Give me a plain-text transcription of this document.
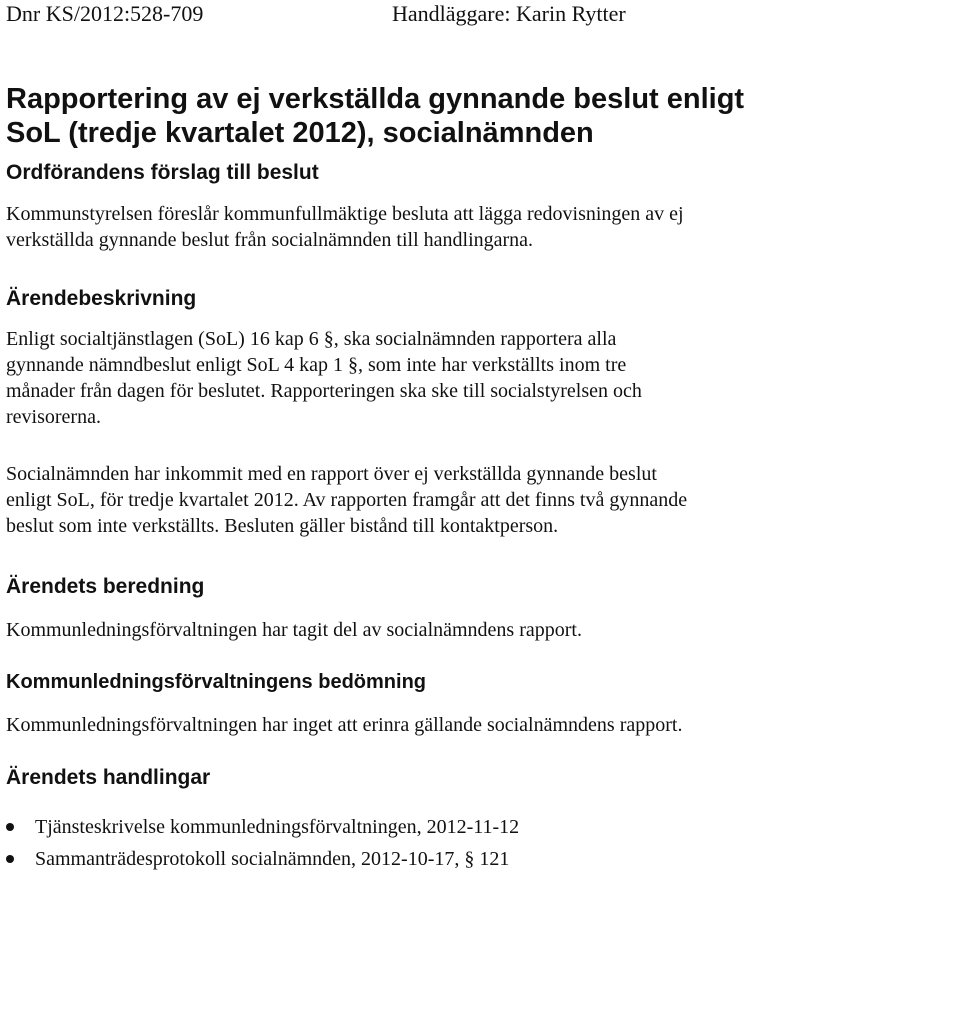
Dnr KS/2012:528-709	Handläggare: Karin Rytter
Rapportering av ej verkställda gynnande beslut enligt
SoL (tredje kvartalet 2012), socialnämnden
Ordförandens förslag till beslut
Kommunstyrelsen föreslår kommunfullmäktige besluta att lägga redovisningen av ej
verkställda gynnande beslut från socialnämnden till handlingarna.
Ärendebeskrivning
Enligt socialtjänstlagen (SoL) 16 kap 6 §, ska socialnämnden rapportera alla
gynnande nämndbeslut enligt SoL 4 kap 1 §, som inte har verkställts inom tre
månader från dagen för beslutet. Rapporteringen ska ske till socialstyrelsen och
revisorerna.
Socialnämnden har inkommit med en rapport över ej verkställda gynnande beslut
enligt SoL, för tredje kvartalet 2012. Av rapporten framgår att det finns två gynnande
beslut som inte verkställts. Besluten gäller bistånd till kontaktperson.
Ärendets beredning
Kommunledningsförvaltningen har tagit del av socialnämndens rapport.
Kommunledningsförvaltningens bedömning
Kommunledningsförvaltningen har inget att erinra gällande socialnämndens rapport.
Ärendets handlingar
Tjänsteskrivelse kommunledningsförvaltningen, 2012-11-12
Sammanträdesprotokoll socialnämnden, 2012-10-17, § 121
